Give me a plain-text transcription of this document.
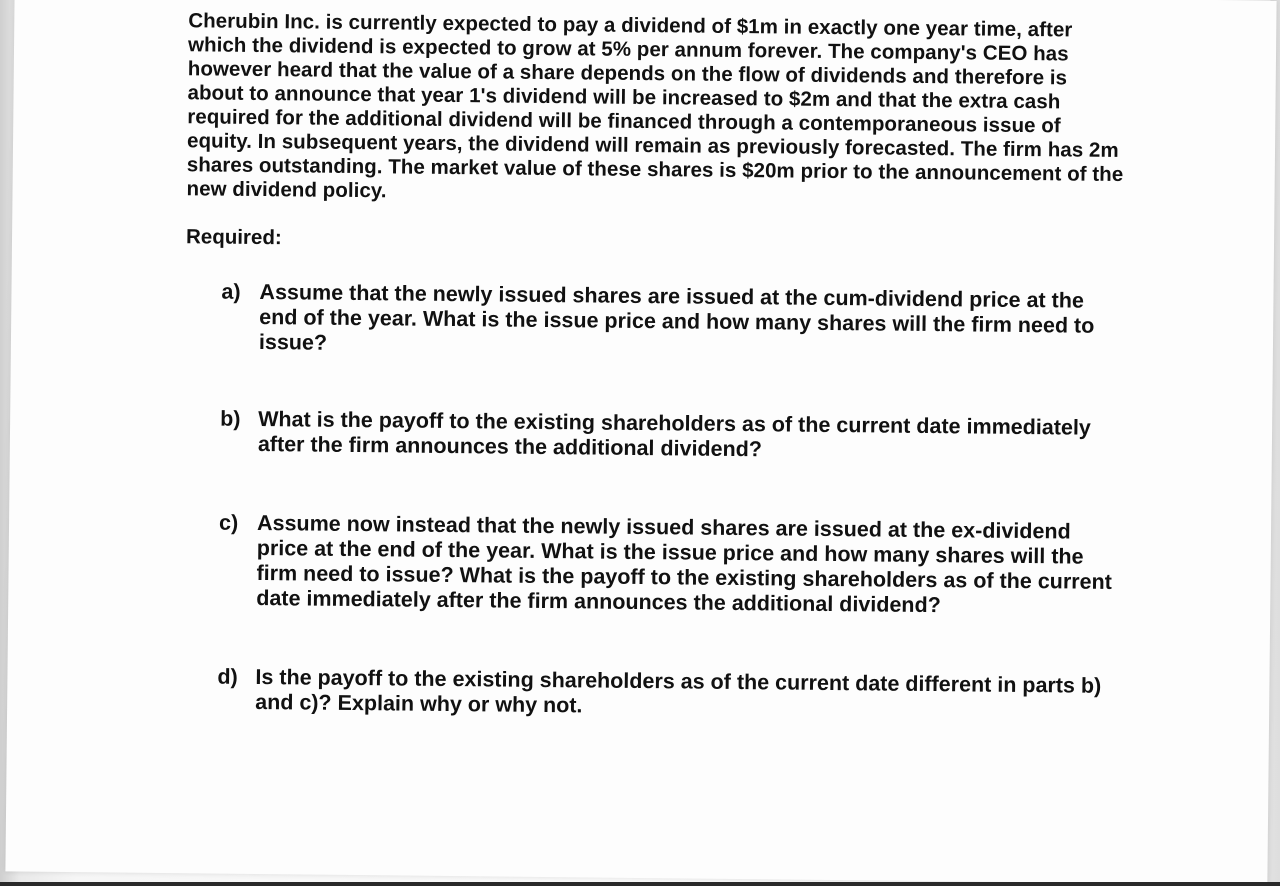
Cherubin Inc. is currently expected to pay a dividend of $1m in exactly one year time, after which the dividend is expected to grow at 5% per annum forever. The company's CEO has however heard that the value of a share depends on the flow of dividends and therefore is about to announce that year 1's dividend will be increased to $2m and that the extra cash required for the additional dividend will be financed through a contemporaneous issue of equity. In subsequent years, the dividend will remain as previously forecasted. The firm has 2m shares outstanding. The market value of these shares is $20m prior to the announcement of the new dividend policy.

Required:
a) Assume that the newly issued shares are issued at the cum-dividend price at the end of the year. What is the issue price and how many shares will the firm need to issue?
b) What is the payoff to the existing shareholders as of the current date immediately after the firm announces the additional dividend?
c) Assume now instead that the newly issued shares are issued at the ex-dividend price at the end of the year. What is the issue price and how many shares will the firm need to issue? What is the payoff to the existing shareholders as of the current date immediately after the firm announces the additional dividend?
d) Is the payoff to the existing shareholders as of the current date different in parts b) and c)? Explain why or why not.
